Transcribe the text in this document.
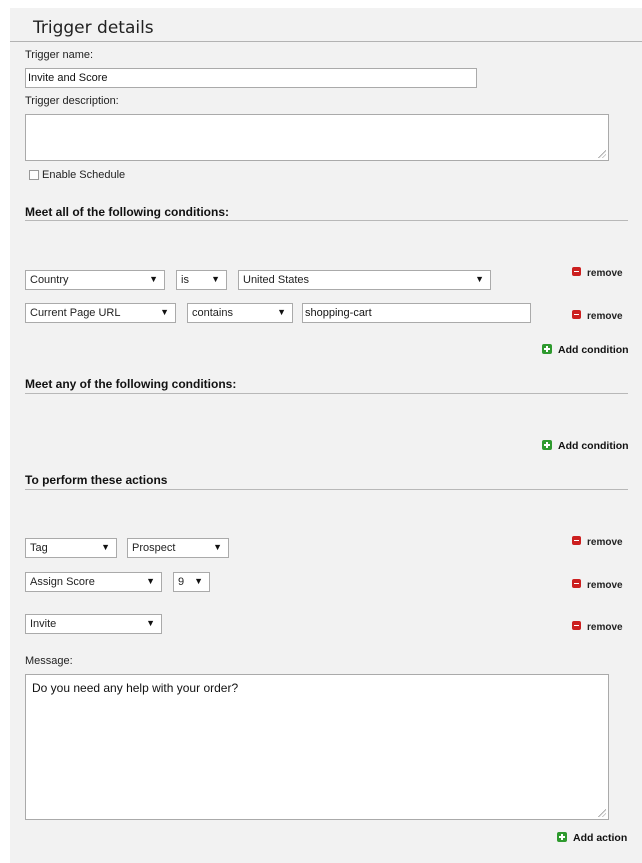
Trigger details
Trigger name:
Invite and Score
Trigger description:
Enable Schedule
Meet all of the following conditions:
Country	▼	is ▼	United States	▼	remove
Current Page URL	▼	contains	▼ shopping-cart	remove
Add condition
Meet any of the following conditions:
Add condition
To perform these actions
Tag	▼	Prospect	▼	remove
Assign Score	▼	9 ▼	remove
Invite	▼	remove
Message:
Do you need any help with your order?
Add action
